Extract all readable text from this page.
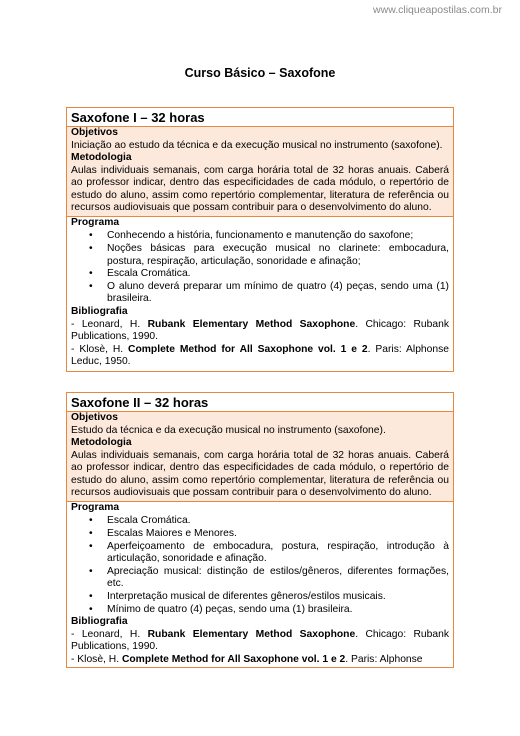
www.cliqueapostilas.com.br
Curso Básico – Saxofone
Saxofone I – 32 horas
Objetivos
Iniciação ao estudo da técnica e da execução musical no instrumento (saxofone).
Metodologia
Aulas individuais semanais, com carga horária total de 32 horas anuais. Caberá ao professor indicar, dentro das especificidades de cada módulo, o repertório de estudo do aluno, assim como repertório complementar, literatura de referência ou recursos audiovisuais que possam contribuir para o desenvolvimento do aluno.
Programa
• Conhecendo a história, funcionamento e manutenção do saxofone;
• Noções básicas para execução musical no clarinete: embocadura, postura, respiração, articulação, sonoridade e afinação;
• Escala Cromática.
• O aluno deverá preparar um mínimo de quatro (4) peças, sendo uma (1) brasileira.
Bibliografia
- Leonard, H. Rubank Elementary Method Saxophone. Chicago: Rubank Publications, 1990.
- Klosè, H. Complete Method for All Saxophone vol. 1 e 2. Paris: Alphonse Leduc, 1950.
Saxofone II – 32 horas
Objetivos
Estudo da técnica e da execução musical no instrumento (saxofone).
Metodologia
Aulas individuais semanais, com carga horária total de 32 horas anuais. Caberá ao professor indicar, dentro das especificidades de cada módulo, o repertório de estudo do aluno, assim como repertório complementar, literatura de referência ou recursos audiovisuais que possam contribuir para o desenvolvimento do aluno.
Programa
• Escala Cromática.
• Escalas Maiores e Menores.
• Aperfeiçoamento de embocadura, postura, respiração, introdução à articulação, sonoridade e afinação.
• Apreciação musical: distinção de estilos/gêneros, diferentes formações, etc.
• Interpretação musical de diferentes gêneros/estilos musicais.
• Mínimo de quatro (4) peças, sendo uma (1) brasileira.
Bibliografia
- Leonard, H. Rubank Elementary Method Saxophone. Chicago: Rubank Publications, 1990.
- Klosè, H. Complete Method for All Saxophone vol. 1 e 2. Paris: Alphonse
